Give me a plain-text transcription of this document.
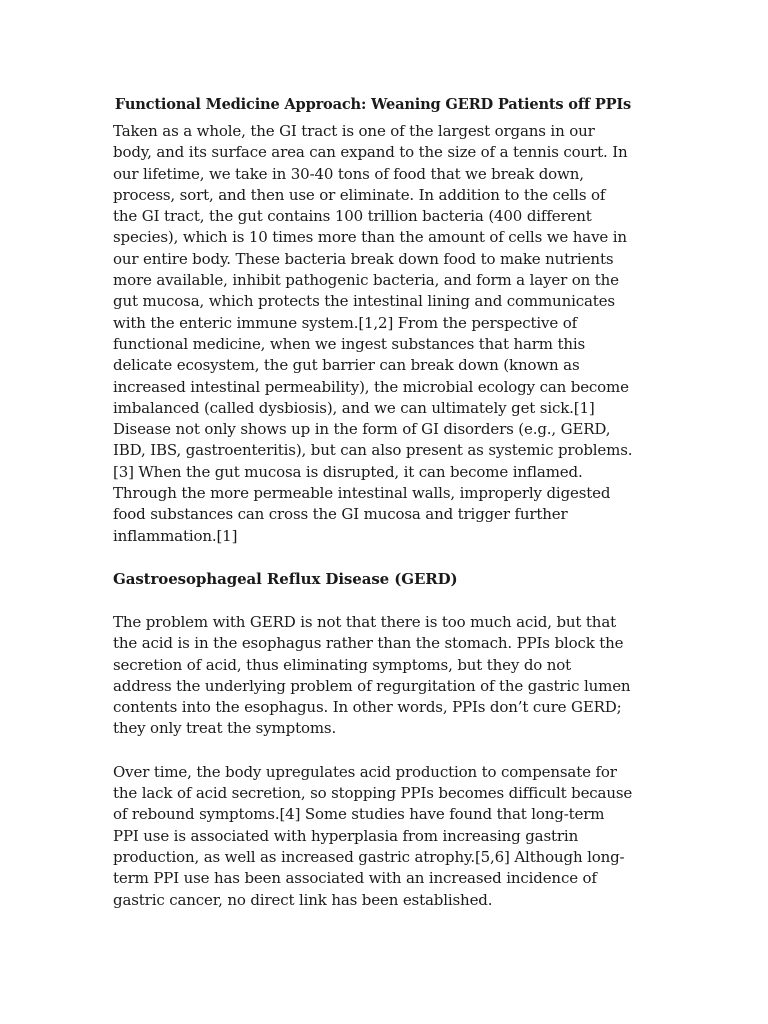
Functional Medicine Approach: Weaning GERD Patients off PPIs

Taken as a whole, the GI tract is one of the largest organs in our body, and its surface area can expand to the size of a tennis court. In our lifetime, we take in 30-40 tons of food that we break down, process, sort, and then use or eliminate. In addition to the cells of the GI tract, the gut contains 100 trillion bacteria (400 different species), which is 10 times more than the amount of cells we have in our entire body. These bacteria break down food to make nutrients more available, inhibit pathogenic bacteria, and form a layer on the gut mucosa, which protects the intestinal lining and communicates with the enteric immune system.[1,2] From the perspective of functional medicine, when we ingest substances that harm this delicate ecosystem, the gut barrier can break down (known as increased intestinal permeability), the microbial ecology can become imbalanced (called dysbiosis), and we can ultimately get sick.[1] Disease not only shows up in the form of GI disorders (e.g., GERD, IBD, IBS, gastroenteritis), but can also present as systemic problems.[3] When the gut mucosa is disrupted, it can become inflamed. Through the more permeable intestinal walls, improperly digested food substances can cross the GI mucosa and trigger further inflammation.[1]

Gastroesophageal Reflux Disease (GERD)

The problem with GERD is not that there is too much acid, but that the acid is in the esophagus rather than the stomach. PPIs block the secretion of acid, thus eliminating symptoms, but they do not address the underlying problem of regurgitation of the gastric lumen contents into the esophagus. In other words, PPIs don’t cure GERD; they only treat the symptoms.

Over time, the body upregulates acid production to compensate for the lack of acid secretion, so stopping PPIs becomes difficult because of rebound symptoms.[4] Some studies have found that long-term PPI use is associated with hyperplasia from increasing gastrin production, as well as increased gastric atrophy.[5,6] Although long-term PPI use has been associated with an increased incidence of gastric cancer, no direct link has been established.
